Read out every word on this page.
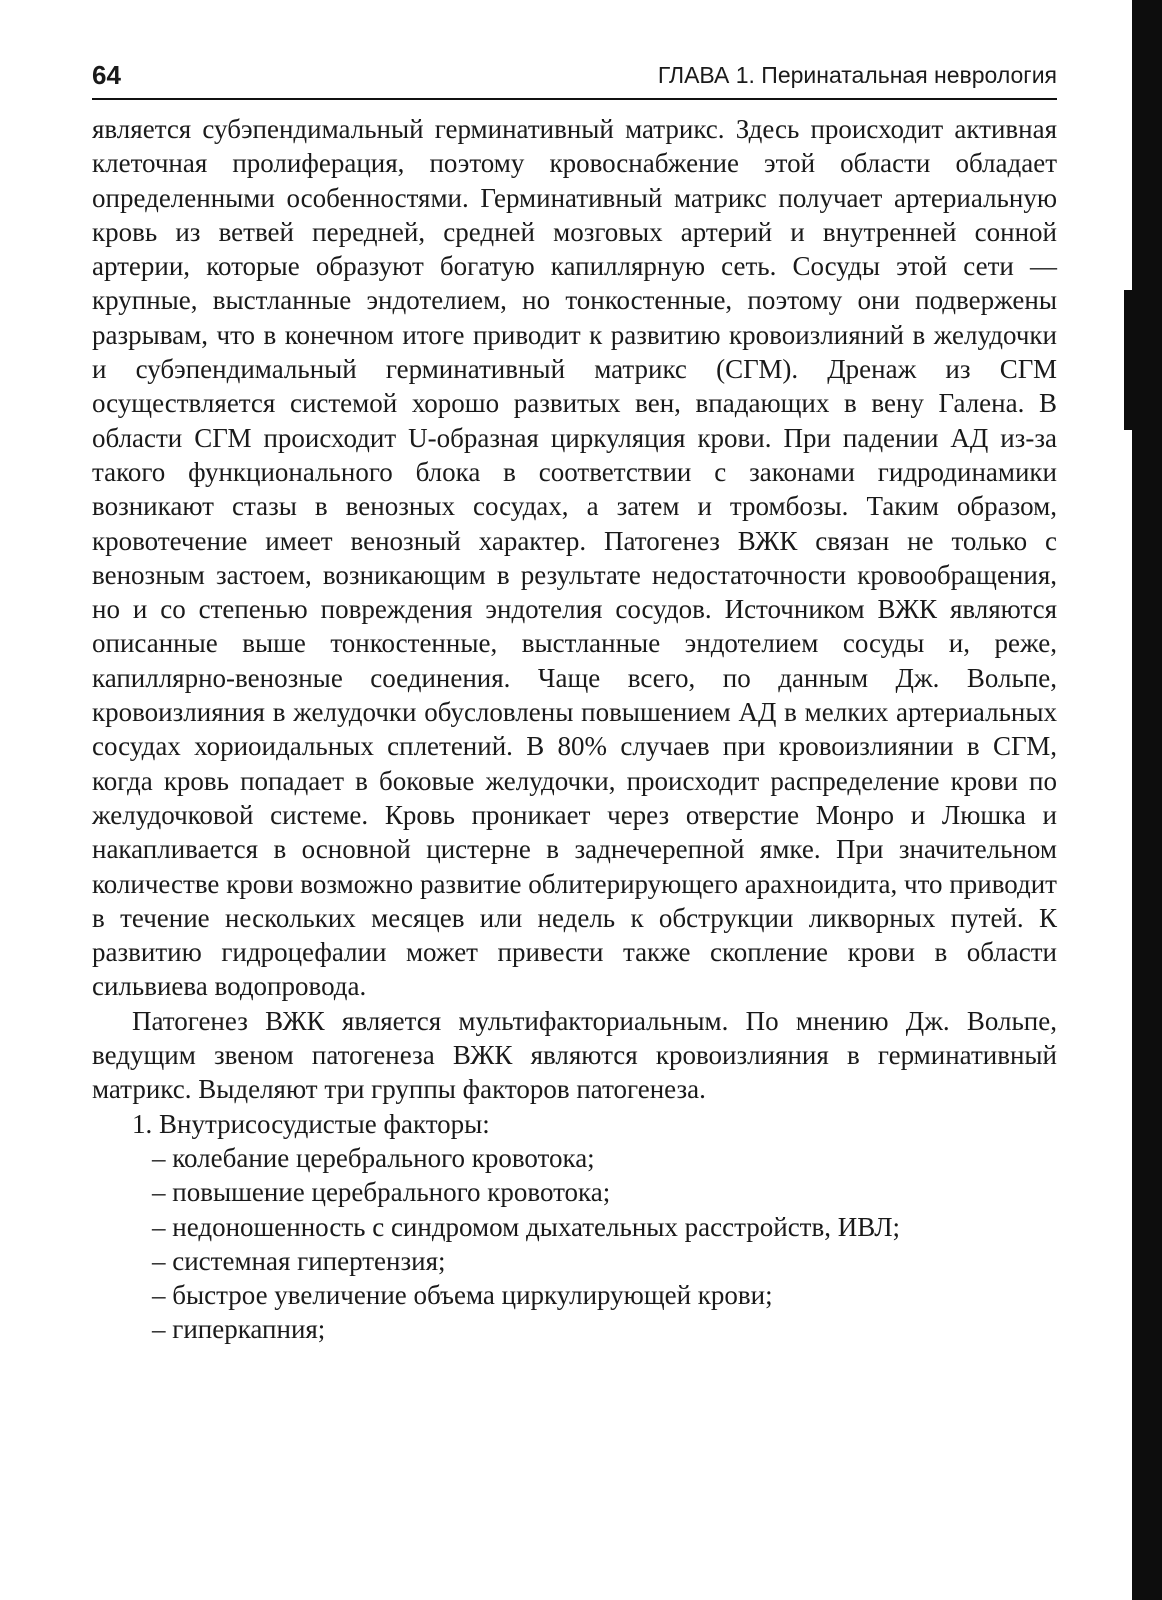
64	ГЛАВА 1. Перинатальная неврология

является субэпендимальный герминативный матрикс. Здесь происходит активная клеточная пролиферация, поэтому кровоснабжение этой области обладает определенными особенностями. Герминативный матрикс получает артериальную кровь из ветвей передней, средней мозговых артерий и внутренней сонной артерии, которые образуют богатую капиллярную сеть. Сосуды этой сети — крупные, выстланные эндотелием, но тонкостенные, поэтому они подвержены разрывам, что в конечном итоге приводит к развитию кровоизлияний в желудочки и субэпендимальный герминативный матрикс (СГМ). Дренаж из СГМ осуществляется системой хорошо развитых вен, впадающих в вену Галена. В области СГМ происходит U-образная циркуляция крови. При падении АД из-за такого функционального блока в соответствии с законами гидродинамики возникают стазы в венозных сосудах, а затем и тромбозы. Таким образом, кровотечение имеет венозный характер. Патогенез ВЖК связан не только с венозным застоем, возникающим в результате недостаточности кровообращения, но и со степенью повреждения эндотелия сосудов. Источником ВЖК являются описанные выше тонкостенные, выстланные эндотелием сосуды и, реже, капиллярно-венозные соединения. Чаще всего, по данным Дж. Вольпе, кровоизлияния в желудочки обусловлены повышением АД в мелких артериальных сосудах хориоидальных сплетений. В 80% случаев при кровоизлиянии в СГМ, когда кровь попадает в боковые желудочки, происходит распределение крови по желудочковой системе. Кровь проникает через отверстие Монро и Люшка и накапливается в основной цистерне в заднечерепной ямке. При значительном количестве крови возможно развитие облитерирующего арахноидита, что приводит в течение нескольких месяцев или недель к обструкции ликворных путей. К развитию гидроцефалии может привести также скопление крови в области сильвиева водопровода.

Патогенез ВЖК является мультифакториальным. По мнению Дж. Вольпе, ведущим звеном патогенеза ВЖК являются кровоизлияния в герминативный матрикс. Выделяют три группы факторов патогенеза.

1. Внутрисосудистые факторы:
– колебание церебрального кровотока;
– повышение церебрального кровотока;
– недоношенность с синдромом дыхательных расстройств, ИВЛ;
– системная гипертензия;
– быстрое увеличение объема циркулирующей крови;
– гиперкапния;
